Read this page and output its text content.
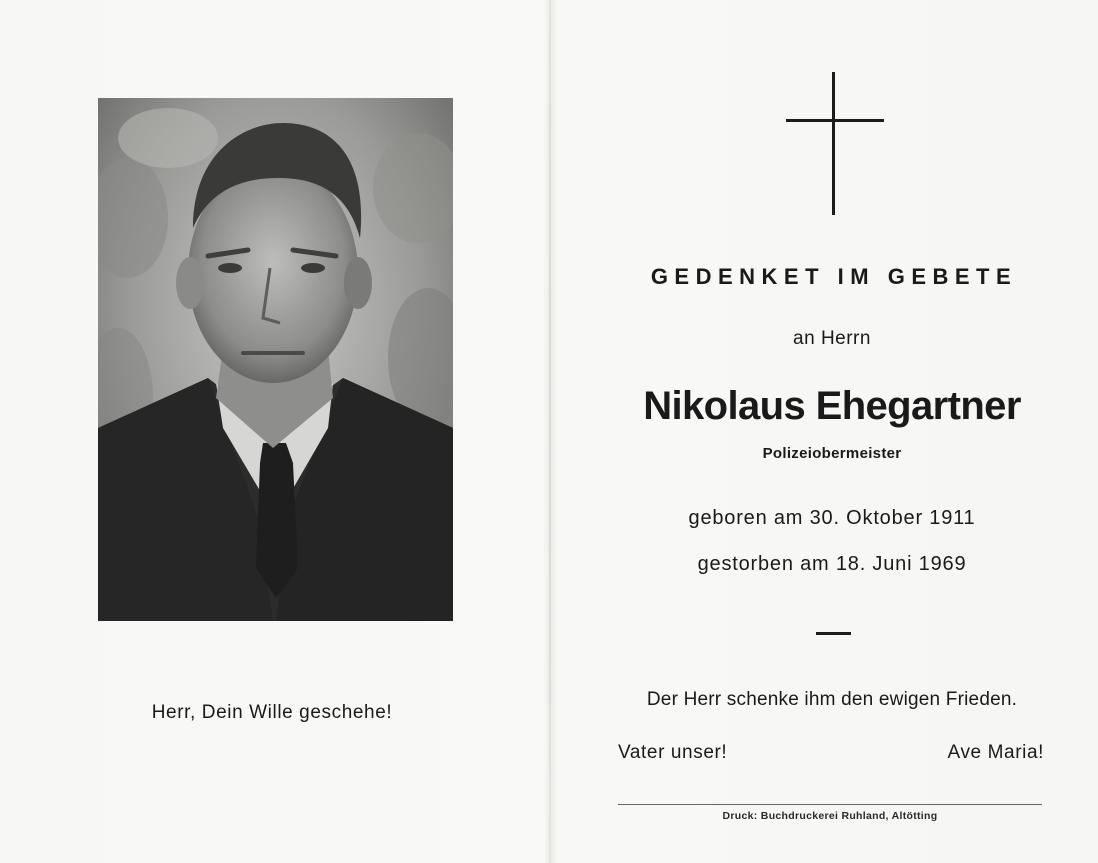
Herr, Dein Wille geschehe!
GEDENKET IM GEBETE
an Herrn
Nikolaus Ehegartner
Polizeiobermeister
geboren am 30. Oktober 1911
gestorben am 18. Juni 1969
Der Herr schenke ihm den ewigen Frieden.
Vater unser!	Ave Maria!
Druck: Buchdruckerei Ruhland, Altötting
